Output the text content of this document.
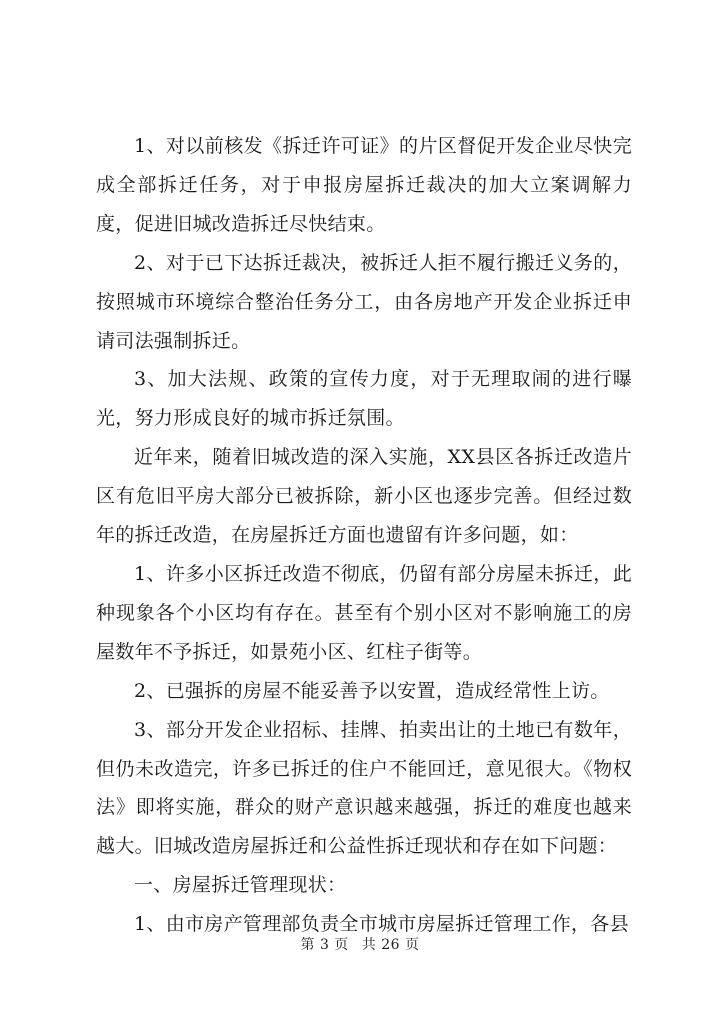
1、对以前核发《拆迁许可证》的片区督促开发企业尽快完成全部拆迁任务，对于申报房屋拆迁裁决的加大立案调解力度，促进旧城改造拆迁尽快结束。

2、对于已下达拆迁裁决，被拆迁人拒不履行搬迁义务的，按照城市环境综合整治任务分工，由各房地产开发企业拆迁申请司法强制拆迁。

3、加大法规、政策的宣传力度，对于无理取闹的进行曝光，努力形成良好的城市拆迁氛围。

近年来，随着旧城改造的深入实施，XX县区各拆迁改造片区有危旧平房大部分已被拆除，新小区也逐步完善。但经过数年的拆迁改造，在房屋拆迁方面也遗留有许多问题，如：

1、许多小区拆迁改造不彻底，仍留有部分房屋未拆迁，此种现象各个小区均有存在。甚至有个别小区对不影响施工的房屋数年不予拆迁，如景苑小区、红柱子街等。

2、已强拆的房屋不能妥善予以安置，造成经常性上访。

3、部分开发企业招标、挂牌、拍卖出让的土地已有数年，但仍未改造完，许多已拆迁的住户不能回迁，意见很大。《物权法》即将实施，群众的财产意识越来越强，拆迁的难度也越来越大。旧城改造房屋拆迁和公益性拆迁现状和存在如下问题：

一、房屋拆迁管理现状：

1、由市房产管理部负责全市城市房屋拆迁管理工作，各县

第 3 页 共 26 页
